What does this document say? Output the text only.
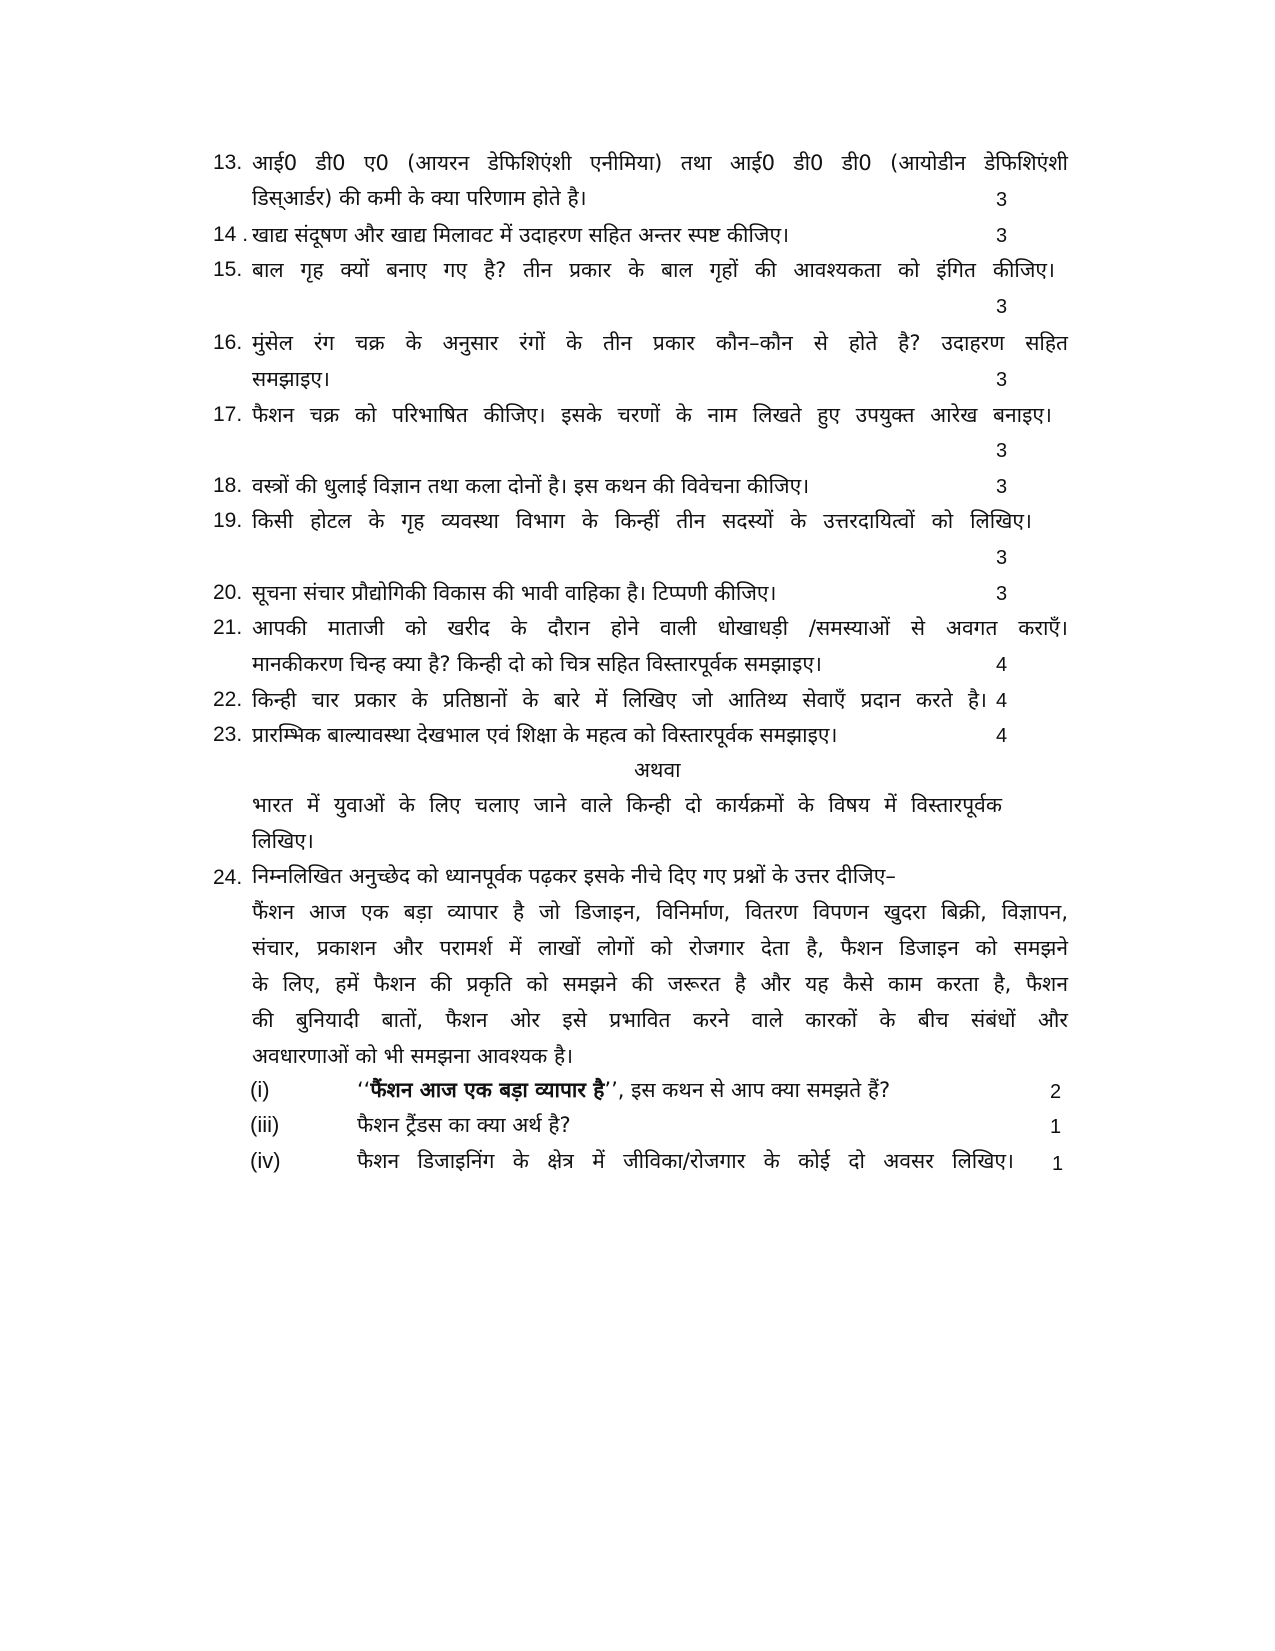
13. आई0 डी0 ए0 (आयरन डेफिशिएंशी एनीमिया) तथा आई0 डी0 डी0 (आयोडीन डेफिशिएंशी
डिस्आर्डर) की कमी के क्या परिणाम होते है।	3
14 . खाद्य संदूषण और खाद्य मिलावट में उदाहरण सहित अन्तर स्पष्ट कीजिए।	3
15. बाल गृह क्यों बनाए गए है? तीन प्रकार के बाल गृहों की आवश्यकता को इंगित कीजिए।
3
16. मुंसेल रंग चक्र के अनुसार रंगों के तीन प्रकार कौन–कौन से होते है? उदाहरण सहित
समझाइए।	3
17. फैशन चक्र को परिभाषित कीजिए। इसके चरणों के नाम लिखते हुए उपयुक्त आरेख बनाइए।
3
18. वस्त्रों की धुलाई विज्ञान तथा कला दोनों है। इस कथन की विवेचना कीजिए।	3
19. किसी होटल के गृह व्यवस्था विभाग के किन्हीं तीन सदस्यों के उत्तरदायित्वों को लिखिए।
3
20. सूचना संचार प्रौद्योगिकी विकास की भावी वाहिका है। टिप्पणी कीजिए।	3
21. आपकी माताजी को खरीद के दौरान होने वाली धोखाधड़ी /समस्याओं से अवगत कराएँ।
मानकीकरण चिन्ह क्या है? किन्ही दो को चित्र सहित विस्तारपूर्वक समझाइए।	4
22. किन्ही चार प्रकार के प्रतिष्ठानों के बारे में लिखिए जो आतिथ्य सेवाएँ प्रदान करते है। 4
23. प्रारम्भिक बाल्यावस्था देखभाल एवं शिक्षा के महत्व को विस्तारपूर्वक समझाइए।	4
अथवा
भारत में युवाओं के लिए चलाए जाने वाले किन्ही दो कार्यक्रमों के विषय में विस्तारपूर्वक
लिखिए।
24. निम्नलिखित अनुच्छेद को ध्यानपूर्वक पढ़कर इसके नीचे दिए गए प्रश्नों के उत्तर दीजिए–
फैंशन आज एक बड़ा व्यापार है जो डिजाइन, विनिर्माण, वितरण विपणन खुदरा बिक्री, विज्ञापन,
संचार, प्रकाशन और परामर्श में लाखों लोगों को रोजगार देता है, फैशन डिजाइन को समझने
के लिए, हमें फैशन की प्रकृति को समझने की जरूरत है और यह कैसे काम करता है, फैशन
की बुनियादी बातों, फैशन ओर इसे प्रभावित करने वाले कारकों के बीच संबंधों और
अवधारणाओं को भी समझना आवश्यक है।
(i)	‘‘फैंशन आज एक बड़ा व्यापार है’’, इस कथन से आप क्या समझते हैं?	2
(iii)	फैशन ट्रैंडस का क्या अर्थ है?	1
(iv)	फैशन डिजाइनिंग के क्षेत्र में जीविका/रोजगार के कोई दो अवसर लिखिए। 1
